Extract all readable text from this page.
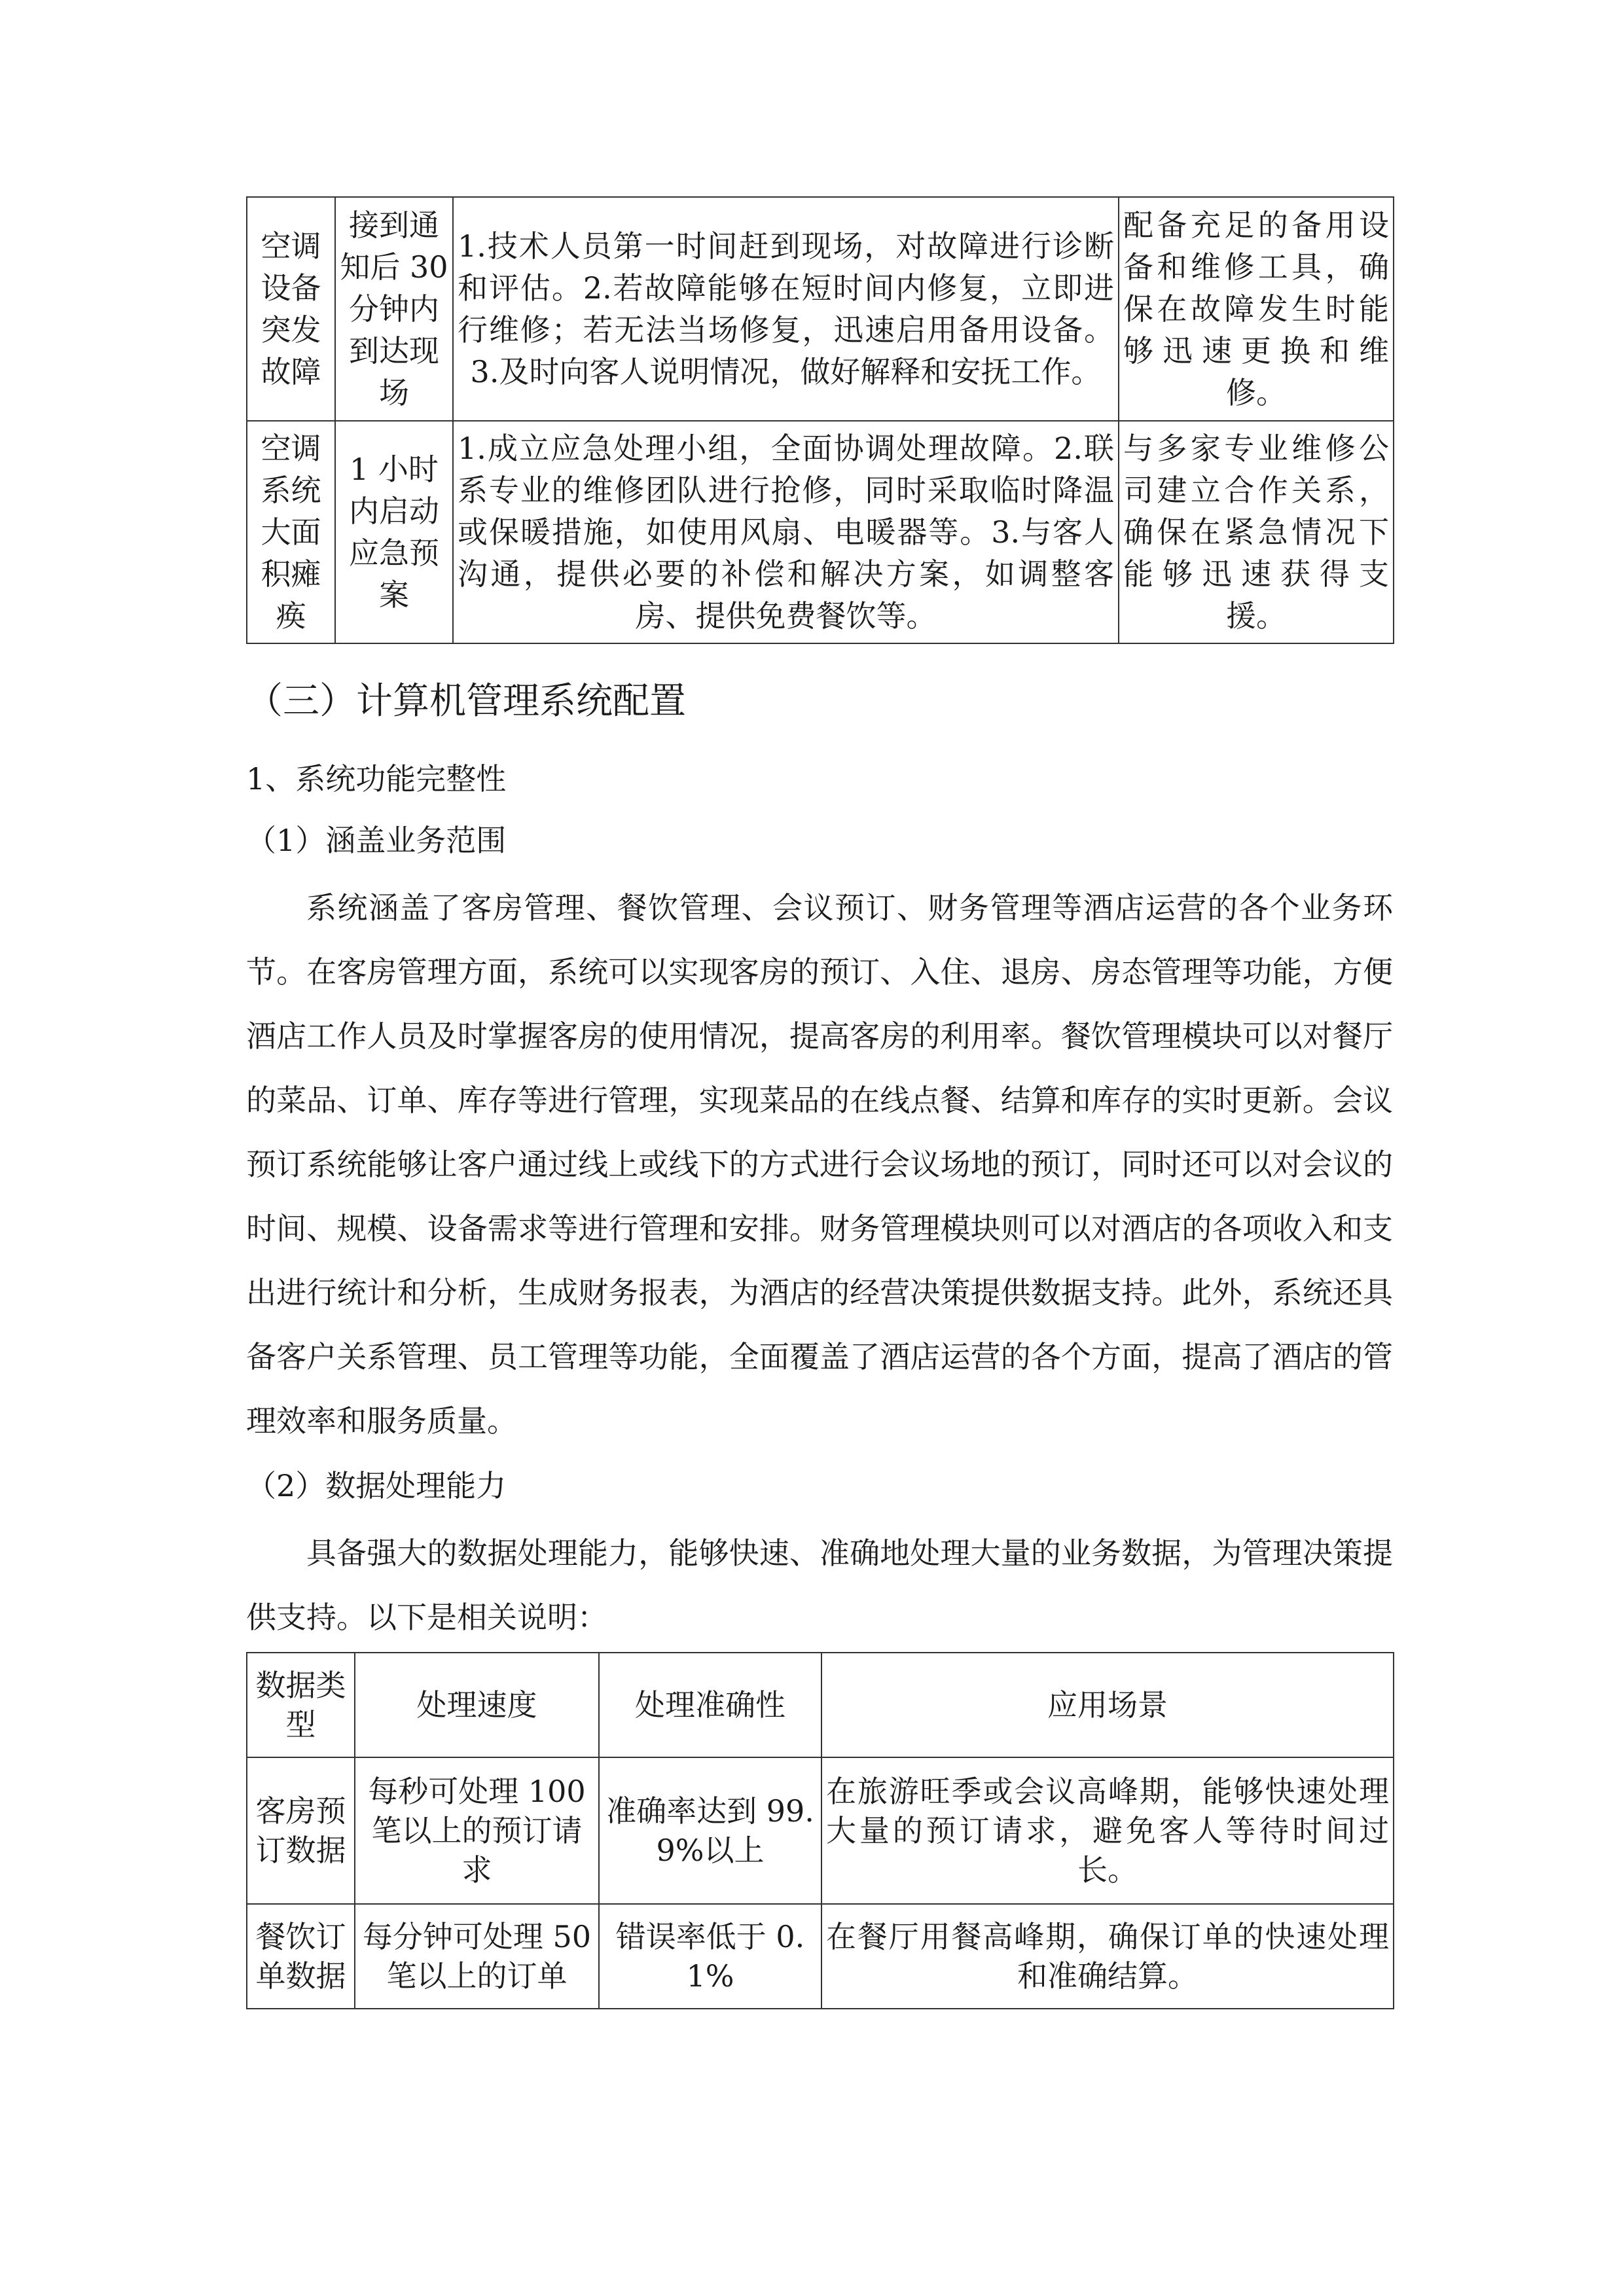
空调设备突发故障	接到通知后 30 分钟内到达现场	1.技术人员第一时间赶到现场，对故障进行诊断和评估。2.若故障能够在短时间内修复，立即进行维修；若无法当场修复，迅速启用备用设备。3.及时向客人说明情况，做好解释和安抚工作。	配备充足的备用设备和维修工具，确保在故障发生时能够迅速更换和维修。
空调系统大面积瘫痪	1 小时内启动应急预案	1.成立应急处理小组，全面协调处理故障。2.联系专业的维修团队进行抢修，同时采取临时降温或保暖措施，如使用风扇、电暖器等。3.与客人沟通，提供必要的补偿和解决方案，如调整客房、提供免费餐饮等。	与多家专业维修公司建立合作关系，确保在紧急情况下能够迅速获得支援。
（三）计算机管理系统配置
1、系统功能完整性
（1）涵盖业务范围

系统涵盖了客房管理、餐饮管理、会议预订、财务管理等酒店运营的各个业务环节。在客房管理方面，系统可以实现客房的预订、入住、退房、房态管理等功能，方便酒店工作人员及时掌握客房的使用情况，提高客房的利用率。餐饮管理模块可以对餐厅的菜品、订单、库存等进行管理，实现菜品的在线点餐、结算和库存的实时更新。会议预订系统能够让客户通过线上或线下的方式进行会议场地的预订，同时还可以对会议的时间、规模、设备需求等进行管理和安排。财务管理模块则可以对酒店的各项收入和支出进行统计和分析，生成财务报表，为酒店的经营决策提供数据支持。此外，系统还具备客户关系管理、员工管理等功能，全面覆盖了酒店运营的各个方面，提高了酒店的管理效率和服务质量。

（2）数据处理能力

具备强大的数据处理能力，能够快速、准确地处理大量的业务数据，为管理决策提供支持。以下是相关说明：

数据类型	处理速度	处理准确性	应用场景
客房预订数据	每秒可处理 100 笔以上的预订请求	准确率达到 99.9%以上	在旅游旺季或会议高峰期，能够快速处理大量的预订请求，避免客人等待时间过长。
餐饮订单数据	每分钟可处理 50 笔以上的订单	错误率低于 0.1%	在餐厅用餐高峰期，确保订单的快速处理和准确结算。
